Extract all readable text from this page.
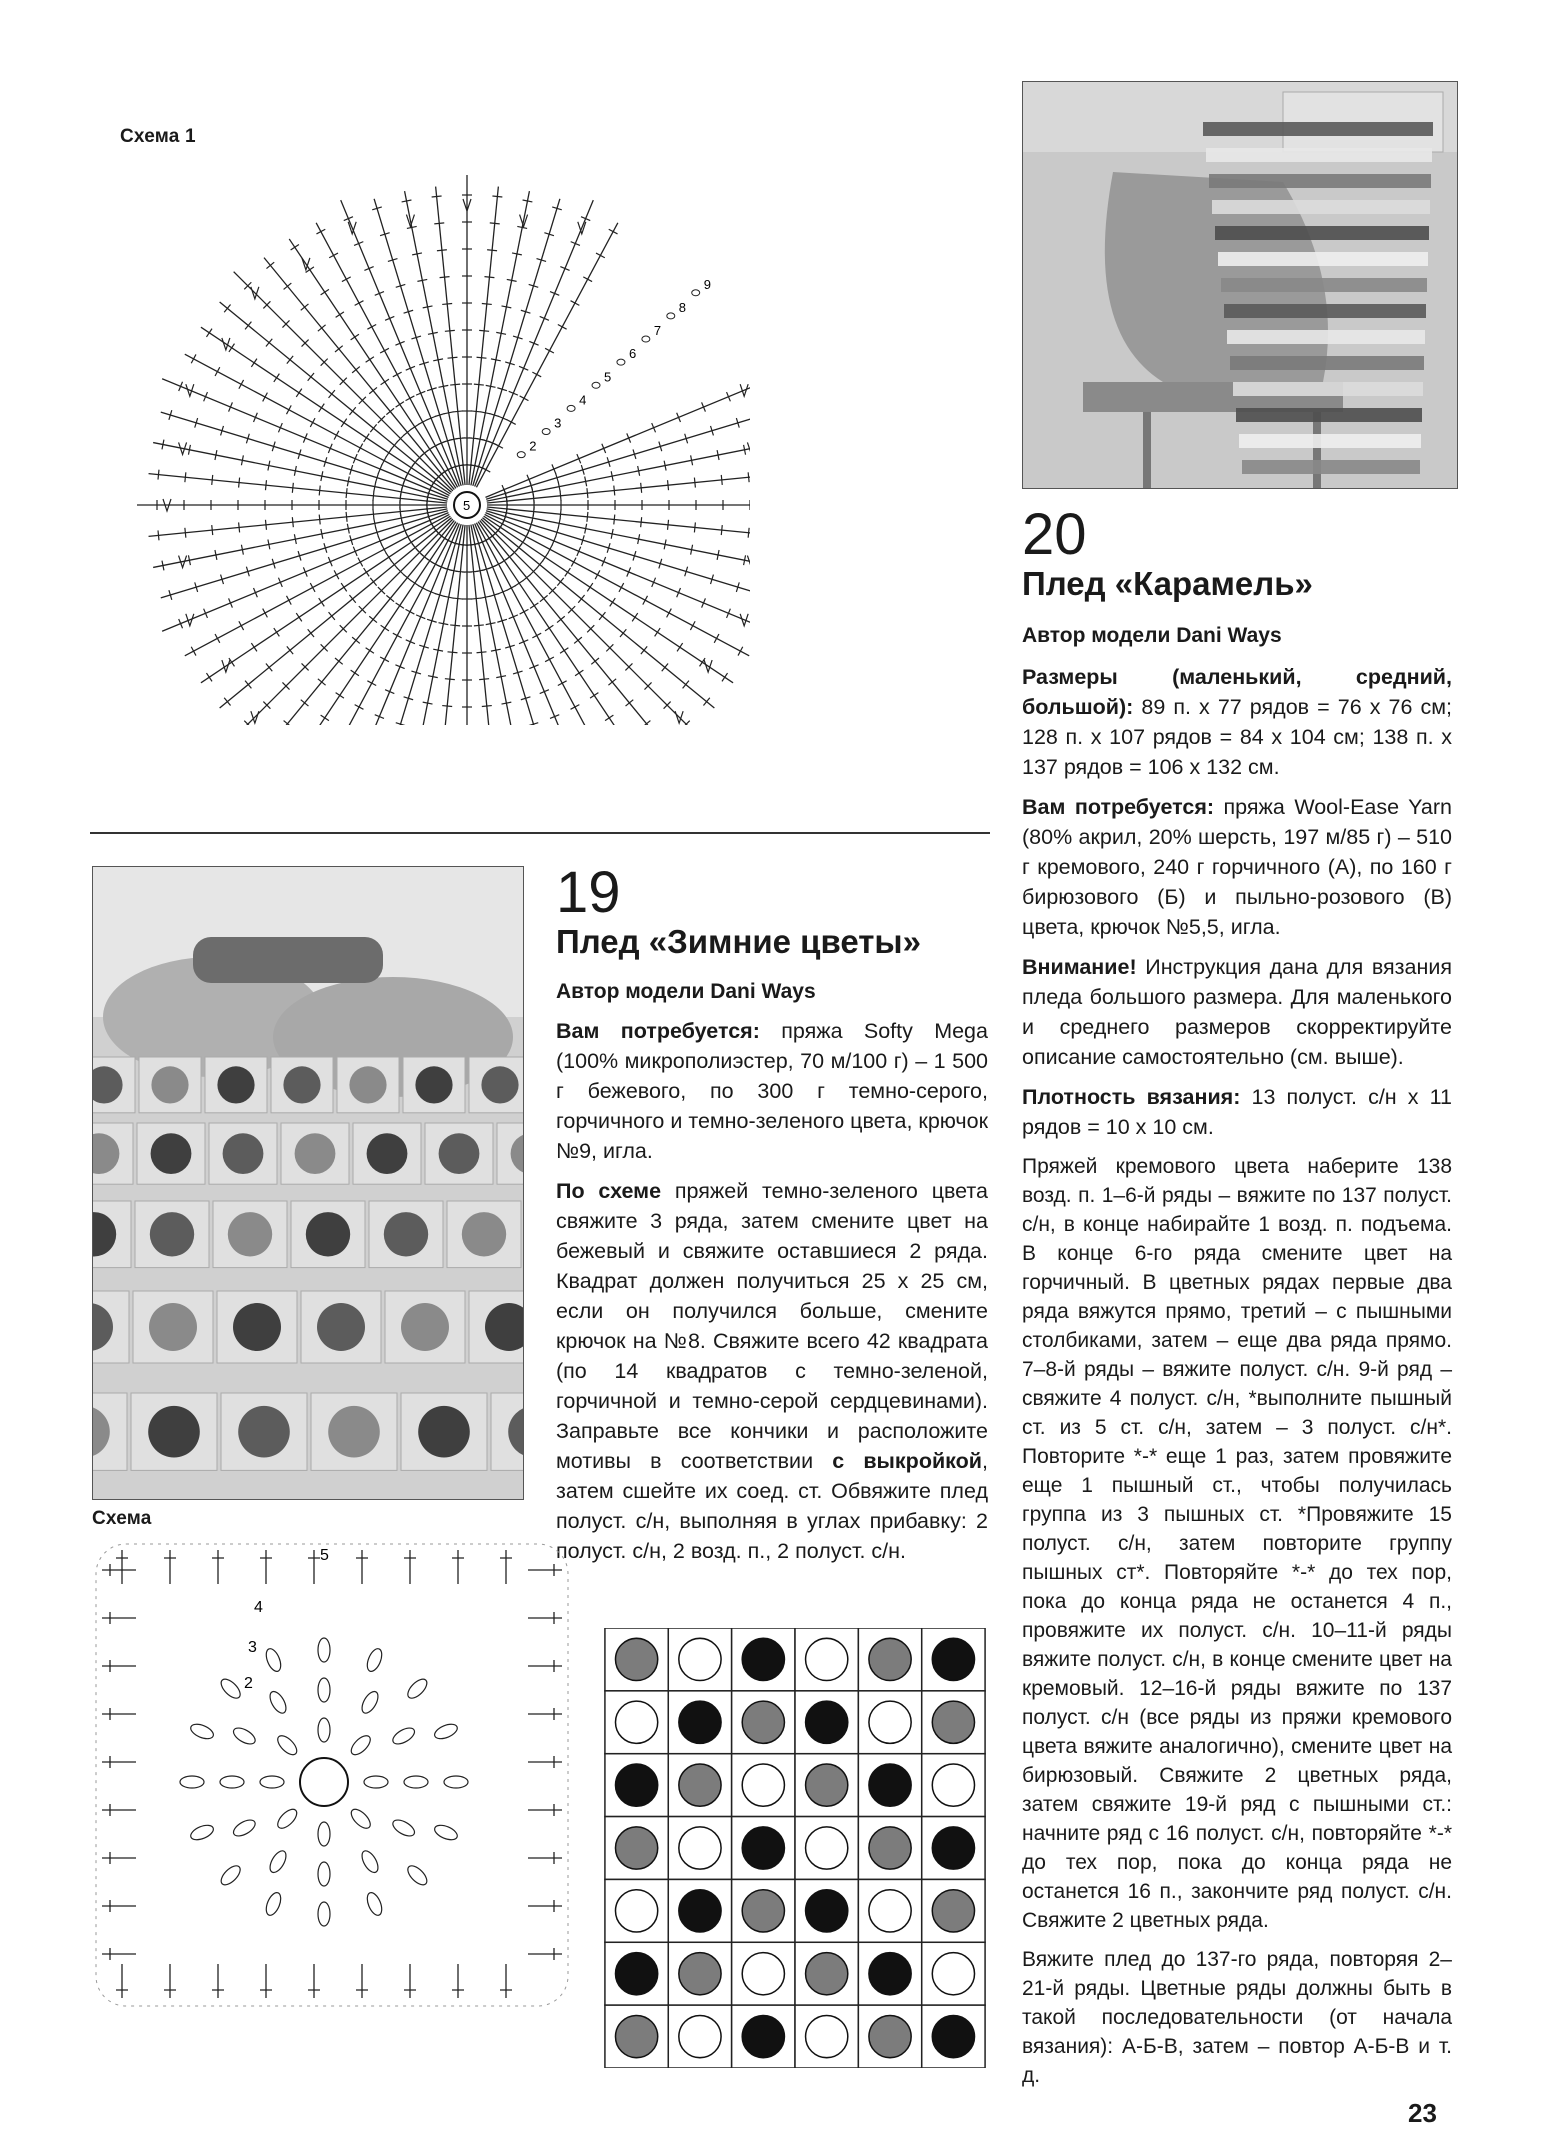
Схема 1
5
2
3
4
5
6
7
8
9
20
Плед «Карамель»
Автор модели Dani Ways

Размеры (маленький, средний, большой): 89 п. х 77 рядов = 76 х 76 см; 128 п. х 107 рядов = 84 х 104 см; 138 п. х 137 рядов = 106 х 132 см.

Вам потребуется: пряжа Wool-Ease Yarn (80% акрил, 20% шерсть, 197 м/85 г) – 510 г кремового, 240 г горчичного (А), по 160 г бирюзового (Б) и пыльно-розового (В) цвета, крючок №5,5, игла.

Внимание! Инструкция дана для вязания пледа большого размера. Для маленького и среднего размеров скорректируйте описание самостоятельно (см. выше).

Плотность вязания: 13 полуст. с/н х 11 рядов = 10 х 10 см.

Пряжей кремового цвета наберите 138 возд. п. 1–6-й ряды – вяжите по 137 полуст. с/н, в конце набирайте 1 возд. п. подъема. В конце 6-го ряда смените цвет на горчичный. В цветных рядах первые два ряда вяжутся прямо, третий – с пышными столбиками, затем – еще два ряда прямо. 7–8-й ряды – вяжите полуст. с/н. 9-й ряд – свяжите 4 полуст. с/н, *выполните пышный ст. из 5 ст. с/н, затем – 3 полуст. с/н*. Повторите *-* еще 1 раз, затем провяжите еще 1 пышный ст., чтобы получилась группа из 3 пышных ст. *Провяжите 15 полуст. с/н, затем повторите группу пышных ст*. Повторяйте *-* до тех пор, пока до конца ряда не останется 4 п., провяжите их полуст. с/н. 10–11-й ряды вяжите полуст. с/н, в конце смените цвет на кремовый. 12–16-й ряды вяжите по 137 полуст. с/н (все ряды из пряжи кремового цвета вяжите аналогично), смените цвет на бирюзовый. Свяжите 2 цветных ряда, затем свяжите 19-й ряд с пышными ст.: начните ряд с 16 полуст. с/н, повторяйте *-* до тех пор, пока до конца ряда не останется 16 п., закончите ряд полуст. с/н. Свяжите 2 цветных ряда.

Вяжите плед до 137-го ряда, повторяя 2–21-й ряды. Цветные ряды должны быть в такой последовательности (от начала вязания): А-Б-В, затем – повтор А-Б-В и т. д.

19
Плед «Зимние цветы»
Автор модели Dani Ways

Вам потребуется: пряжа Softy Mega (100% микрополиэстер, 70 м/100 г) – 1 500 г бежевого, по 300 г темно-серого, горчичного и темно-зеленого цвета, крючок №9, игла.

По схеме пряжей темно-зеленого цвета свяжите 3 ряда, затем смените цвет на бежевый и свяжите оставшиеся 2 ряда. Квадрат должен получиться 25 х 25 см, если он получился больше, смените крючок на №8. Свяжите всего 42 квадрата (по 14 квадратов с темно-зеленой, горчичной и темно-серой сердцевинами). Заправьте все кончики и расположите мотивы в соответствии с выкройкой, затем сшейте их соед. ст. Обвяжите плед полуст. с/н, выполняя в углах прибавку: 2 полуст. с/н, 2 возд. п., 2 полуст. с/н.

Схема
2
3
4
5
23
